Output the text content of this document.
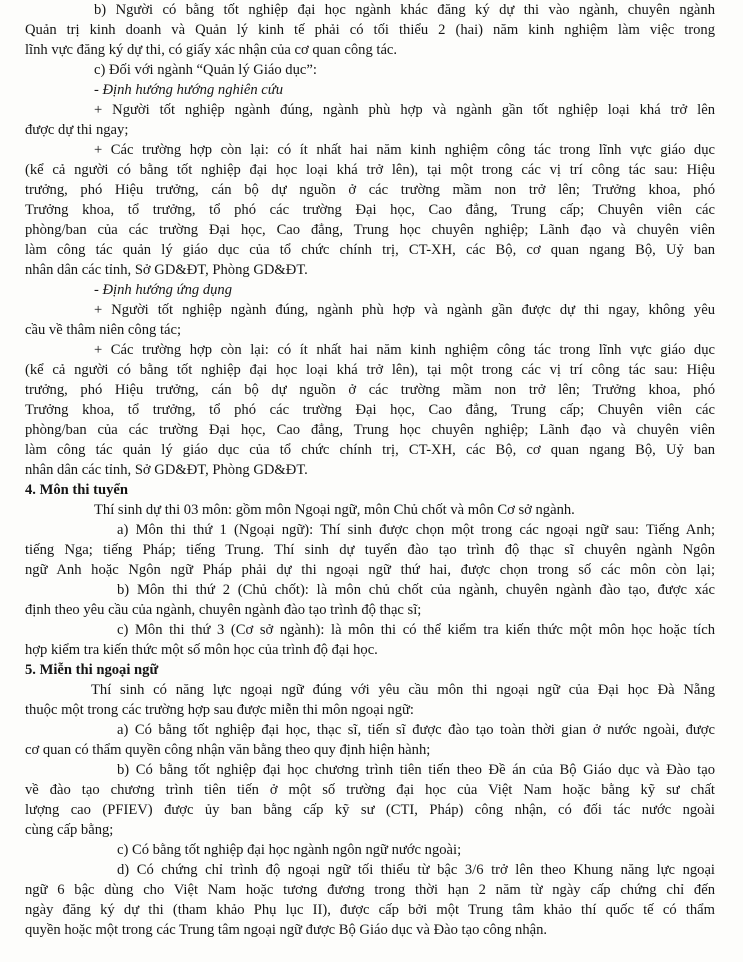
b) Người có bằng tốt nghiệp đại học ngành khác đăng ký dự thi vào ngành, chuyên ngành
Quản trị kinh doanh và Quản lý kinh tế phải có tối thiểu 2 (hai) năm kinh nghiệm làm việc trong
lĩnh vực đăng ký dự thi, có giấy xác nhận của cơ quan công tác.
c) Đối với ngành “Quản lý Giáo dục”:
- Định hướng hướng nghiên cứu
+ Người tốt nghiệp ngành đúng, ngành phù hợp và ngành gần tốt nghiệp loại khá trở lên
được dự thi ngay;
+ Các trường hợp còn lại: có ít nhất hai năm kinh nghiệm công tác trong lĩnh vực giáo dục
(kể cả người có bằng tốt nghiệp đại học loại khá trở lên), tại một trong các vị trí công tác sau: Hiệu
trưởng, phó Hiệu trưởng, cán bộ dự nguồn ở các trường mầm non trở lên; Trưởng khoa, phó
Trưởng khoa, tổ trưởng, tổ phó các trường Đại học, Cao đẳng, Trung cấp; Chuyên viên các
phòng/ban của các trường Đại học, Cao đẳng, Trung học chuyên nghiệp; Lãnh đạo và chuyên viên
làm công tác quản lý giáo dục của tổ chức chính trị, CT-XH, các Bộ, cơ quan ngang Bộ, Uỷ ban
nhân dân các tỉnh, Sở GD&ĐT, Phòng GD&ĐT.
- Định hướng ứng dụng
+ Người tốt nghiệp ngành đúng, ngành phù hợp và ngành gần được dự thi ngay, không yêu
cầu về thâm niên công tác;
+ Các trường hợp còn lại: có ít nhất hai năm kinh nghiệm công tác trong lĩnh vực giáo dục
(kể cả người có bằng tốt nghiệp đại học loại khá trở lên), tại một trong các vị trí công tác sau: Hiệu
trưởng, phó Hiệu trưởng, cán bộ dự nguồn ở các trường mầm non trở lên; Trưởng khoa, phó
Trưởng khoa, tổ trưởng, tổ phó các trường Đại học, Cao đẳng, Trung cấp; Chuyên viên các
phòng/ban của các trường Đại học, Cao đẳng, Trung học chuyên nghiệp; Lãnh đạo và chuyên viên
làm công tác quản lý giáo dục của tổ chức chính trị, CT-XH, các Bộ, cơ quan ngang Bộ, Uỷ ban
nhân dân các tỉnh, Sở GD&ĐT, Phòng GD&ĐT.
4. Môn thi tuyển
Thí sinh dự thi 03 môn: gồm môn Ngoại ngữ, môn Chủ chốt và môn Cơ sở ngành.
a) Môn thi thứ 1 (Ngoại ngữ): Thí sinh được chọn một trong các ngoại ngữ sau: Tiếng Anh;
tiếng Nga; tiếng Pháp; tiếng Trung. Thí sinh dự tuyển đào tạo trình độ thạc sĩ chuyên ngành Ngôn
ngữ Anh hoặc Ngôn ngữ Pháp phải dự thi ngoại ngữ thứ hai, được chọn trong số các môn còn lại;
b) Môn thi thứ 2 (Chủ chốt): là môn chủ chốt của ngành, chuyên ngành đào tạo, được xác
định theo yêu cầu của ngành, chuyên ngành đào tạo trình độ thạc sĩ;
c) Môn thi thứ 3 (Cơ sở ngành): là môn thi có thể kiểm tra kiến thức một môn học hoặc tích
hợp kiểm tra kiến thức một số môn học của trình độ đại học.
5. Miễn thi ngoại ngữ
Thí sinh có năng lực ngoại ngữ đúng với yêu cầu môn thi ngoại ngữ của Đại học Đà Nẵng
thuộc một trong các trường hợp sau được miễn thi môn ngoại ngữ:
a) Có bằng tốt nghiệp đại học, thạc sĩ, tiến sĩ được đào tạo toàn thời gian ở nước ngoài, được
cơ quan có thẩm quyền công nhận văn bằng theo quy định hiện hành;
b) Có bằng tốt nghiệp đại học chương trình tiên tiến theo Đề án của Bộ Giáo dục và Đào tạo
về đào tạo chương trình tiên tiến ở một số trường đại học của Việt Nam hoặc bằng kỹ sư chất
lượng cao (PFIEV) được ủy ban bằng cấp kỹ sư (CTI, Pháp) công nhận, có đối tác nước ngoài
cùng cấp bằng;
c) Có bằng tốt nghiệp đại học ngành ngôn ngữ nước ngoài;
d) Có chứng chỉ trình độ ngoại ngữ tối thiểu từ bậc 3/6 trở lên theo Khung năng lực ngoại
ngữ 6 bậc dùng cho Việt Nam hoặc tương đương trong thời hạn 2 năm từ ngày cấp chứng chỉ đến
ngày đăng ký dự thi (tham khảo Phụ lục II), được cấp bởi một Trung tâm khảo thí quốc tế có thẩm
quyền hoặc một trong các Trung tâm ngoại ngữ được Bộ Giáo dục và Đào tạo công nhận.
